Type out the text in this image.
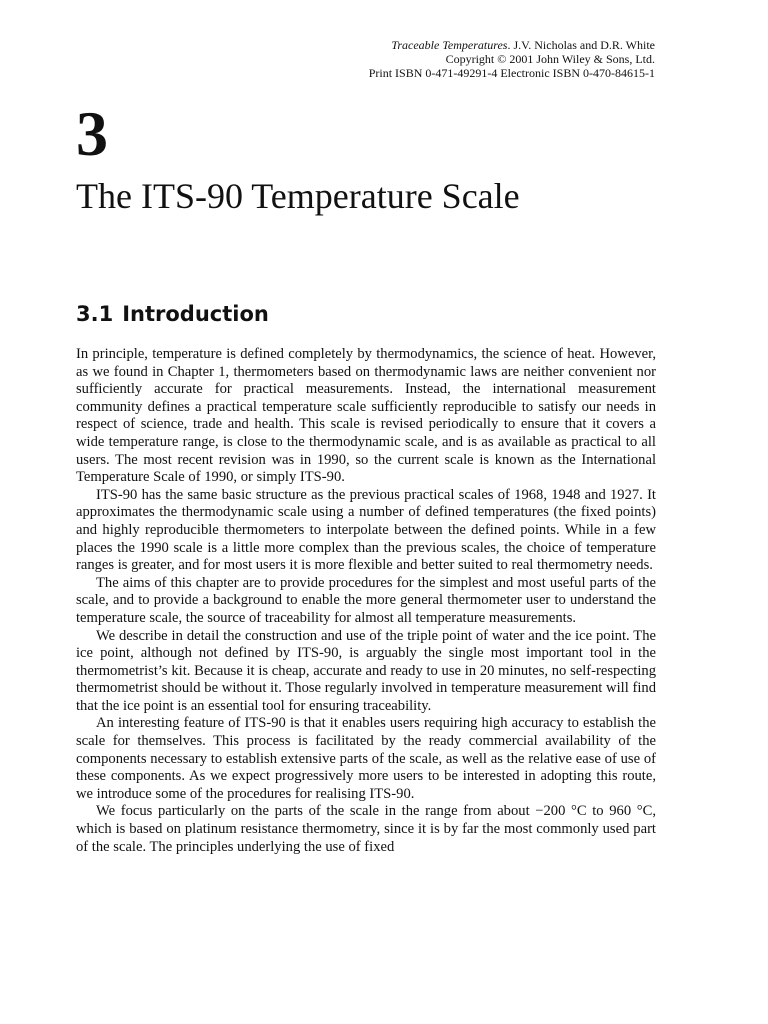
Traceable Temperatures. J.V. Nicholas and D.R. White
Copyright © 2001 John Wiley & Sons, Ltd.
Print ISBN 0-471-49291-4 Electronic ISBN 0-470-84615-1
3
The ITS-90 Temperature Scale
3.1 Introduction

In principle, temperature is defined completely by thermodynamics, the science of heat. However, as we found in Chapter 1, thermometers based on thermodynamic laws are neither convenient nor sufficiently accurate for practical measurements. Instead, the international measurement community defines a practical temperature scale sufficiently reproducible to satisfy our needs in respect of science, trade and health. This scale is revised periodically to ensure that it covers a wide temperature range, is close to the thermodynamic scale, and is as available as practical to all users. The most recent revision was in 1990, so the current scale is known as the International Temperature Scale of 1990, or simply ITS-90.

ITS-90 has the same basic structure as the previous practical scales of 1968, 1948 and 1927. It approximates the thermodynamic scale using a number of defined temperatures (the fixed points) and highly reproducible thermometers to interpolate between the defined points. While in a few places the 1990 scale is a little more complex than the previous scales, the choice of temperature ranges is greater, and for most users it is more flexible and better suited to real thermometry needs.

The aims of this chapter are to provide procedures for the simplest and most useful parts of the scale, and to provide a background to enable the more general thermometer user to understand the temperature scale, the source of traceability for almost all temperature measurements.

We describe in detail the construction and use of the triple point of water and the ice point. The ice point, although not defined by ITS-90, is arguably the single most important tool in the thermometrist’s kit. Because it is cheap, accurate and ready to use in 20 minutes, no self-respecting thermometrist should be without it. Those regularly involved in temperature measurement will find that the ice point is an essential tool for ensuring traceability.

An interesting feature of ITS-90 is that it enables users requiring high accuracy to establish the scale for themselves. This process is facilitated by the ready commercial availability of the components necessary to establish extensive parts of the scale, as well as the relative ease of use of these components. As we expect progressively more users to be interested in adopting this route, we introduce some of the procedures for realising ITS-90.

We focus particularly on the parts of the scale in the range from about −200 °C to 960 °C, which is based on platinum resistance thermometry, since it is by far the most commonly used part of the scale. The principles underlying the use of fixed
